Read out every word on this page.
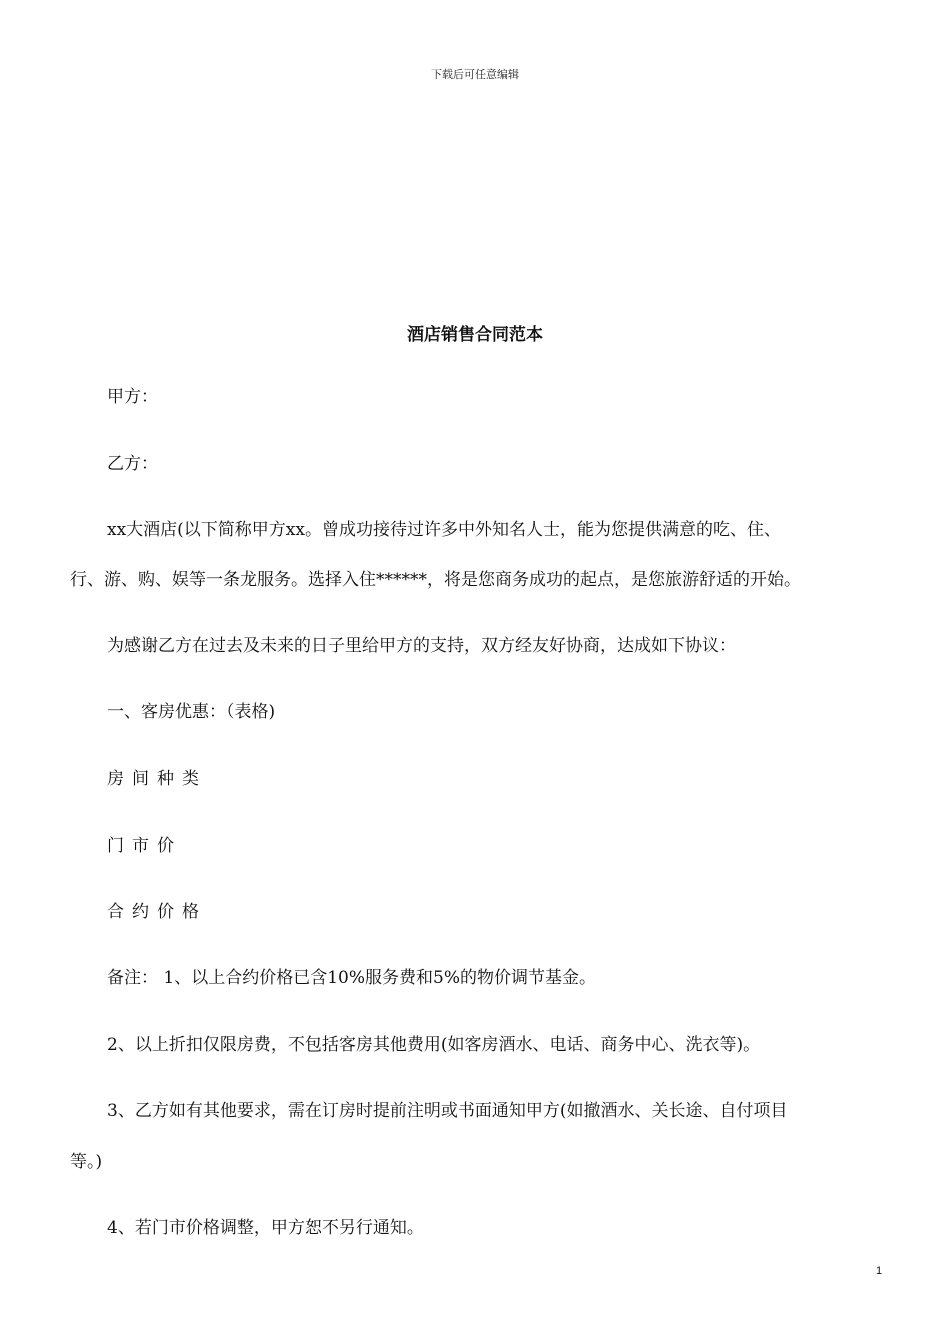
下载后可任意编辑
酒店销售合同范本
甲方：
乙方：
xx大酒店(以下简称甲方xx。曾成功接待过许多中外知名人士，能为您提供满意的吃、住、
行、游、购、娱等一条龙服务。选择入住******，将是您商务成功的起点，是您旅游舒适的开始。
为感谢乙方在过去及未来的日子里给甲方的支持，双方经友好协商，达成如下协议：
一、客房优惠：（表格)
房间种类
门市价
合约价格
备注： 1、以上合约价格已含10%服务费和5%的物价调节基金。
2、以上折扣仅限房费，不包括客房其他费用(如客房酒水、电话、商务中心、洗衣等)。
3、乙方如有其他要求，需在订房时提前注明或书面通知甲方(如撤酒水、关长途、自付项目
等。)
4、若门市价格调整，甲方恕不另行通知。
1
